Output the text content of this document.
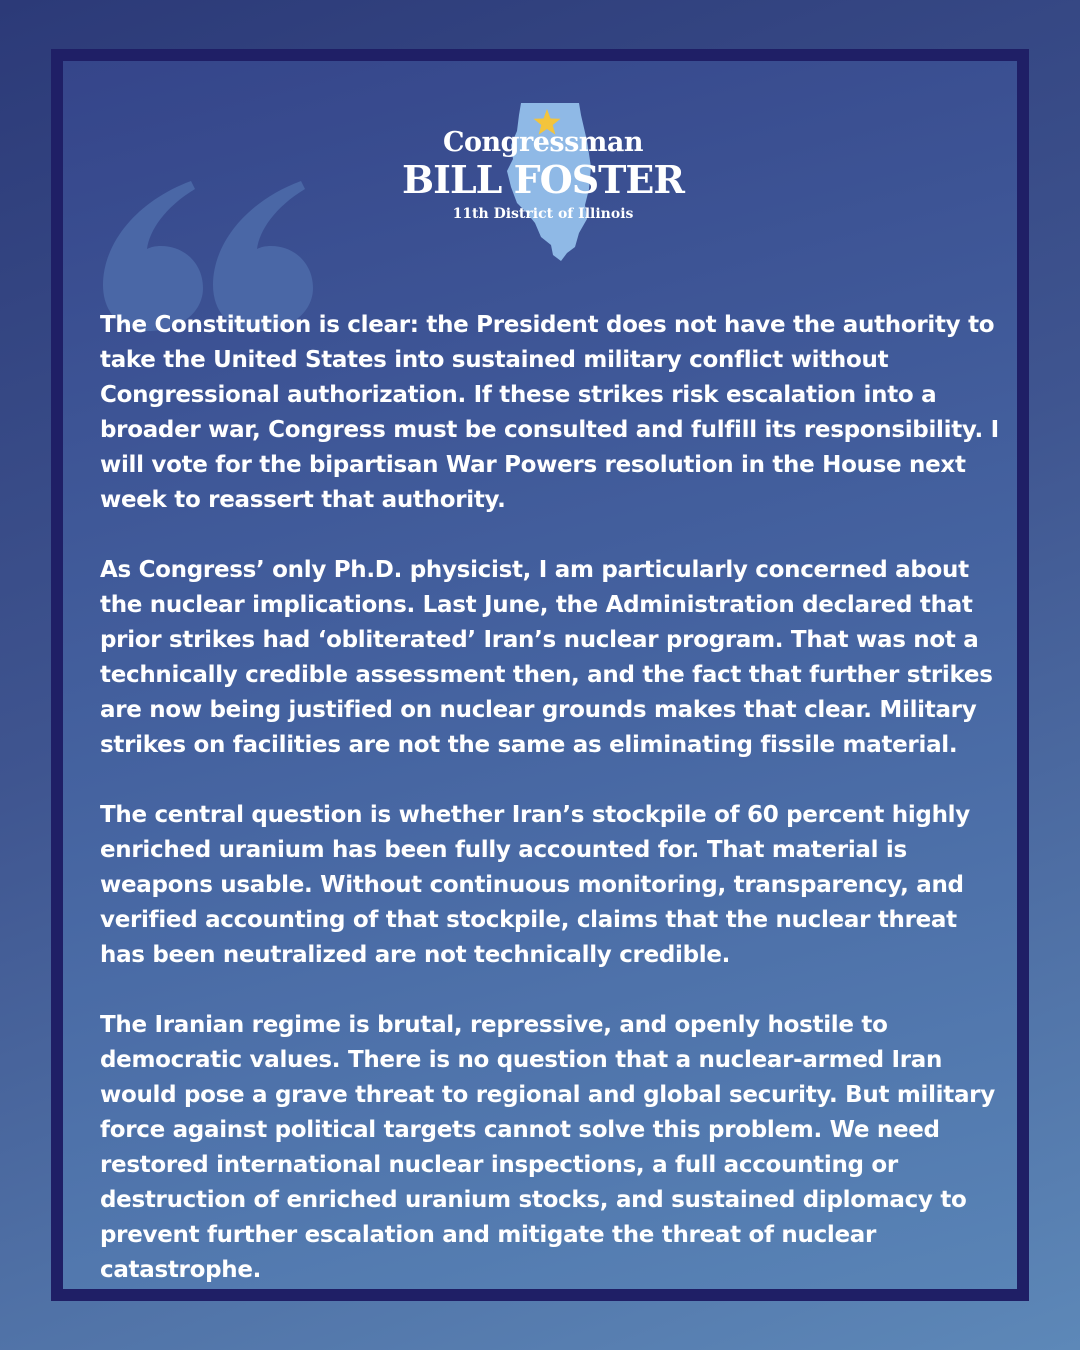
Congressman
BILL FOSTER
11th District of Illinois

The Constitution is clear: the President does not have the authority to take the United States into sustained military conflict without Congressional authorization. If these strikes risk escalation into a broader war, Congress must be consulted and fulfill its responsibility. I will vote for the bipartisan War Powers resolution in the House next week to reassert that authority.

As Congress’ only Ph.D. physicist, I am particularly concerned about the nuclear implications. Last June, the Administration declared that prior strikes had ‘obliterated’ Iran’s nuclear program. That was not a technically credible assessment then, and the fact that further strikes are now being justified on nuclear grounds makes that clear. Military strikes on facilities are not the same as eliminating fissile material.

The central question is whether Iran’s stockpile of 60 percent highly enriched uranium has been fully accounted for. That material is weapons usable. Without continuous monitoring, transparency, and verified accounting of that stockpile, claims that the nuclear threat has been neutralized are not technically credible.

The Iranian regime is brutal, repressive, and openly hostile to democratic values. There is no question that a nuclear-armed Iran would pose a grave threat to regional and global security. But military force against political targets cannot solve this problem. We need restored international nuclear inspections, a full accounting or destruction of enriched uranium stocks, and sustained diplomacy to prevent further escalation and mitigate the threat of nuclear catastrophe.
